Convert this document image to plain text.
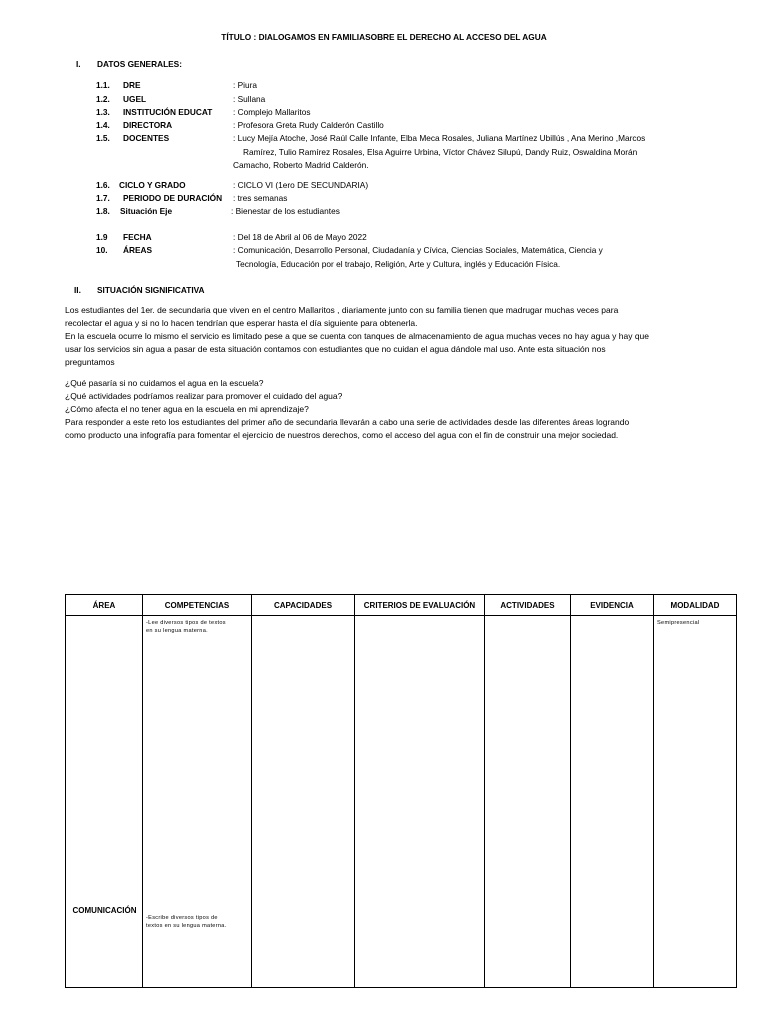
TÍTULO : DIALOGAMOS EN FAMILIASOBRE EL DERECHO AL ACCESO DEL AGUA
I. DATOS GENERALES:
1.1. DRE	: Piura
1.2. UGEL	: Sullana
1.3. INSTITUCIÓN EDUCAT : Complejo Mallaritos
1.4. DIRECTORA	: Profesora Greta Rudy Calderón Castillo
1.5. DOCENTES	: Lucy Mejía Atoche, José Raúl Calle Infante, Elba Meca Rosales, Juliana Martínez Ubillús , Ana Merino ,Marcos
Ramírez, Tulio Ramírez Rosales, Elsa Aguirre Urbina, Víctor Chávez Silupú, Dandy Ruiz, Oswaldina Morán
Camacho, Roberto Madrid Calderón.
1.6. CICLO Y GRADO	: CICLO VI (1ero DE SECUNDARIA)
1.7. PERIODO DE DURACIÓN : tres semanas
1.8. Situación Eje	: Bienestar de los estudiantes
1.9 FECHA	: Del 18 de Abril al 06 de Mayo 2022
10. ÁREAS	: Comunicación, Desarrollo Personal, Ciudadanía y Cívica, Ciencias Sociales, Matemática, Ciencia y
Tecnología, Educación por el trabajo, Religión, Arte y Cultura, inglés y Educación Física.
II. SITUACIÓN SIGNIFICATIVA

Los estudiantes del 1er. de secundaria que viven en el centro Mallaritos , diariamente junto con su familia tienen que madrugar muchas veces para

recolectar el agua y si no lo hacen tendrían que esperar hasta el día siguiente para obtenerla.

En la escuela ocurre lo mismo el servicio es limitado pese a que se cuenta con tanques de almacenamiento de agua muchas veces no hay agua y hay que

usar los servicios sin agua a pasar de esta situación contamos con estudiantes que no cuidan el agua dándole mal uso. Ante esta situación nos

preguntamos

¿Qué pasaría si no cuidamos el agua en la escuela?

¿Qué actividades podríamos realizar para promover el cuidado del agua?

¿Cómo afecta el no tener agua en la escuela en mi aprendizaje?

Para responder a este reto los estudiantes del primer año de secundaria llevarán a cabo una serie de actividades desde las diferentes áreas logrando

como producto una infografía para fomentar el ejercicio de nuestros derechos, como el acceso del agua con el fin de construir una mejor sociedad.

ÁREA	COMPETENCIAS	CAPACIDADES	CRITERIOS DE EVALUACIÓN	ACTIVIDADES	EVIDENCIA	MODALIDAD

COMUNICACIÓN	-Lee diversos tipos de textos
en su lengua materna.
-Escribe diversos tipos de
textos en su lengua materna.					Semipresencial
